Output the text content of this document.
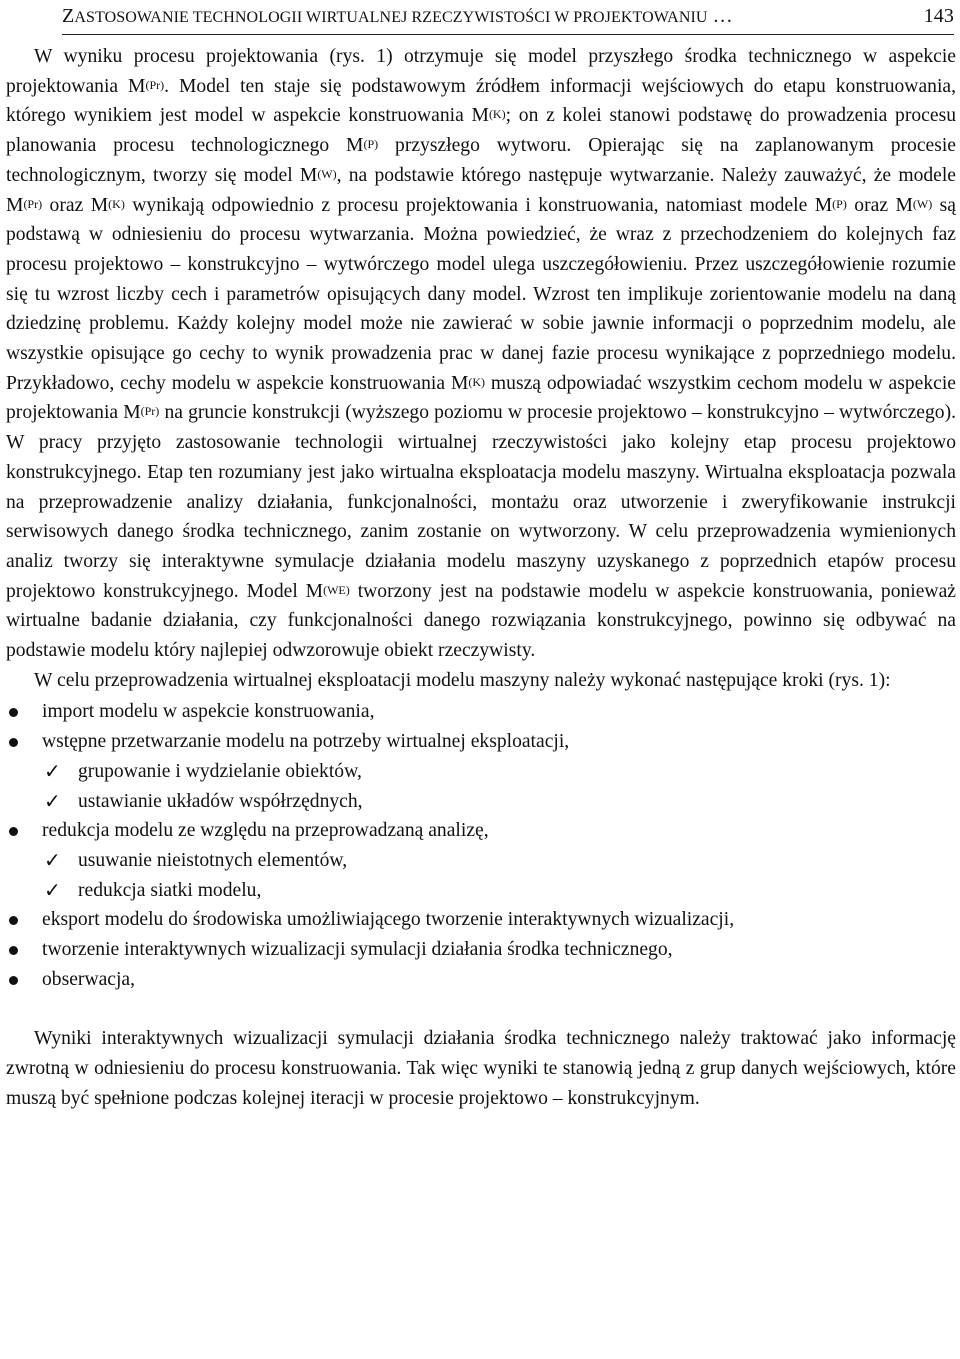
ZASTOSOWANIE TECHNOLOGII WIRTUALNEJ RZECZYWISTOŚCI W PROJEKTOWANIU …	143

W wyniku procesu projektowania (rys. 1) otrzymuje się model przyszłego środka technicznego w aspekcie projektowania $M^{(Pr)}$. Model ten staje się podstawowym źródłem informacji wejściowych do etapu konstruowania, którego wynikiem jest model w aspekcie konstruowania $M^{(K)}$; on z kolei stanowi podstawę do prowadzenia procesu planowania procesu technologicznego $M^{(P)}$ przyszłego wytworu. Opierając się na zaplanowanym procesie technologicznym, tworzy się model $M^{(W)}$, na podstawie którego następuje wytwarzanie. Należy zauważyć, że modele $M^{(Pr)}$ oraz $M^{(K)}$ wynikają odpowiednio z procesu projektowania i konstruowania, natomiast modele $M^{(P)}$ oraz $M^{(W)}$ są podstawą w odniesieniu do procesu wytwarzania. Można powiedzieć, że wraz z przechodzeniem do kolejnych faz procesu projektowo – konstrukcyjno – wytwórczego model ulega uszczegółowieniu. Przez uszczegółowienie rozumie się tu wzrost liczby cech i parametrów opisujących dany model. Wzrost ten implikuje zorientowanie modelu na daną dziedzinę problemu. Każdy kolejny model może nie zawierać w sobie jawnie informacji o poprzednim modelu, ale wszystkie opisujące go cechy to wynik prowadzenia prac w danej fazie procesu wynikające z poprzedniego modelu. Przykładowo, cechy modelu w aspekcie konstruowania $M^{(K)}$ muszą odpowiadać wszystkim cechom modelu w aspekcie projektowania $M^{(Pr)}$ na gruncie konstrukcji (wyższego poziomu w procesie projektowo – konstrukcyjno – wytwórczego). W pracy przyjęto zastosowanie technologii wirtualnej rzeczywistości jako kolejny etap procesu projektowo konstrukcyjnego. Etap ten rozumiany jest jako wirtualna eksploatacja modelu maszyny. Wirtualna eksploatacja pozwala na przeprowadzenie analizy działania, funkcjonalności, montażu oraz utworzenie i zweryfikowanie instrukcji serwisowych danego środka technicznego, zanim zostanie on wytworzony. W celu przeprowadzenia wymienionych analiz tworzy się interaktywne symulacje działania modelu maszyny uzyskanego z poprzednich etapów procesu projektowo konstrukcyjnego. Model $M^{(WE)}$ tworzony jest na podstawie modelu w aspekcie konstruowania, ponieważ wirtualne badanie działania, czy funkcjonalności danego rozwiązania konstrukcyjnego, powinno się odbywać na podstawie modelu który najlepiej odwzorowuje obiekt rzeczywisty.

W celu przeprowadzenia wirtualnej eksploatacji modelu maszyny należy wykonać następujące kroki (rys. 1):

import modelu w aspekcie konstruowania,
wstępne przetwarzanie modelu na potrzeby wirtualnej eksploatacji,
✓ grupowanie i wydzielanie obiektów,
✓ ustawianie układów współrzędnych,
redukcja modelu ze względu na przeprowadzaną analizę,
✓ usuwanie nieistotnych elementów,
✓ redukcja siatki modelu,
eksport modelu do środowiska umożliwiającego tworzenie interaktywnych wizualizacji,
tworzenie interaktywnych wizualizacji symulacji działania środka technicznego,
obserwacja,

Wyniki interaktywnych wizualizacji symulacji działania środka technicznego należy traktować jako informację zwrotną w odniesieniu do procesu konstruowania. Tak więc wyniki te stanowią jedną z grup danych wejściowych, które muszą być spełnione podczas kolejnej iteracji w procesie projektowo – konstrukcyjnym.
